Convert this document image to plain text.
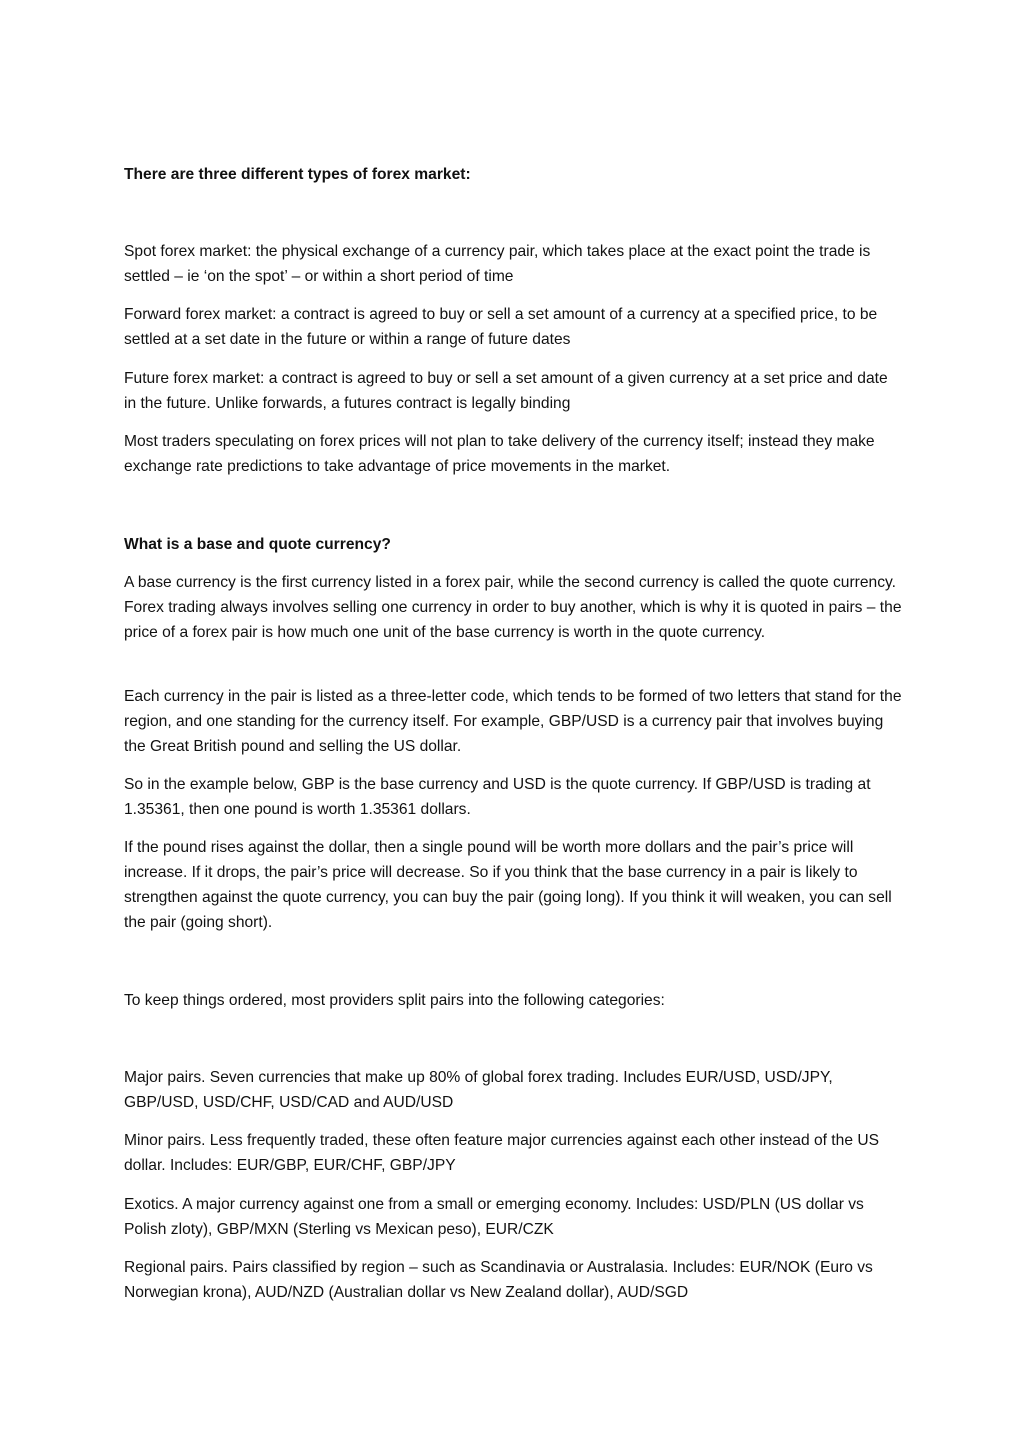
There are three different types of forex market:

Spot forex market: the physical exchange of a currency pair, which takes place at the exact point the trade is settled – ie ‘on the spot’ – or within a short period of time

Forward forex market: a contract is agreed to buy or sell a set amount of a currency at a specified price, to be settled at a set date in the future or within a range of future dates

Future forex market: a contract is agreed to buy or sell a set amount of a given currency at a set price and date in the future. Unlike forwards, a futures contract is legally binding

Most traders speculating on forex prices will not plan to take delivery of the currency itself; instead they make exchange rate predictions to take advantage of price movements in the market.

What is a base and quote currency?

A base currency is the first currency listed in a forex pair, while the second currency is called the quote currency. Forex trading always involves selling one currency in order to buy another, which is why it is quoted in pairs – the price of a forex pair is how much one unit of the base currency is worth in the quote currency.

Each currency in the pair is listed as a three-letter code, which tends to be formed of two letters that stand for the region, and one standing for the currency itself. For example, GBP/USD is a currency pair that involves buying the Great British pound and selling the US dollar.

So in the example below, GBP is the base currency and USD is the quote currency. If GBP/USD is trading at 1.35361, then one pound is worth 1.35361 dollars.

If the pound rises against the dollar, then a single pound will be worth more dollars and the pair’s price will increase. If it drops, the pair’s price will decrease. So if you think that the base currency in a pair is likely to strengthen against the quote currency, you can buy the pair (going long). If you think it will weaken, you can sell the pair (going short).

To keep things ordered, most providers split pairs into the following categories:

Major pairs. Seven currencies that make up 80% of global forex trading. Includes EUR/USD, USD/JPY, GBP/USD, USD/CHF, USD/CAD and AUD/USD

Minor pairs. Less frequently traded, these often feature major currencies against each other instead of the US dollar. Includes: EUR/GBP, EUR/CHF, GBP/JPY

Exotics. A major currency against one from a small or emerging economy. Includes: USD/PLN (US dollar vs Polish zloty), GBP/MXN (Sterling vs Mexican peso), EUR/CZK

Regional pairs. Pairs classified by region – such as Scandinavia or Australasia. Includes: EUR/NOK (Euro vs Norwegian krona), AUD/NZD (Australian dollar vs New Zealand dollar), AUD/SGD
